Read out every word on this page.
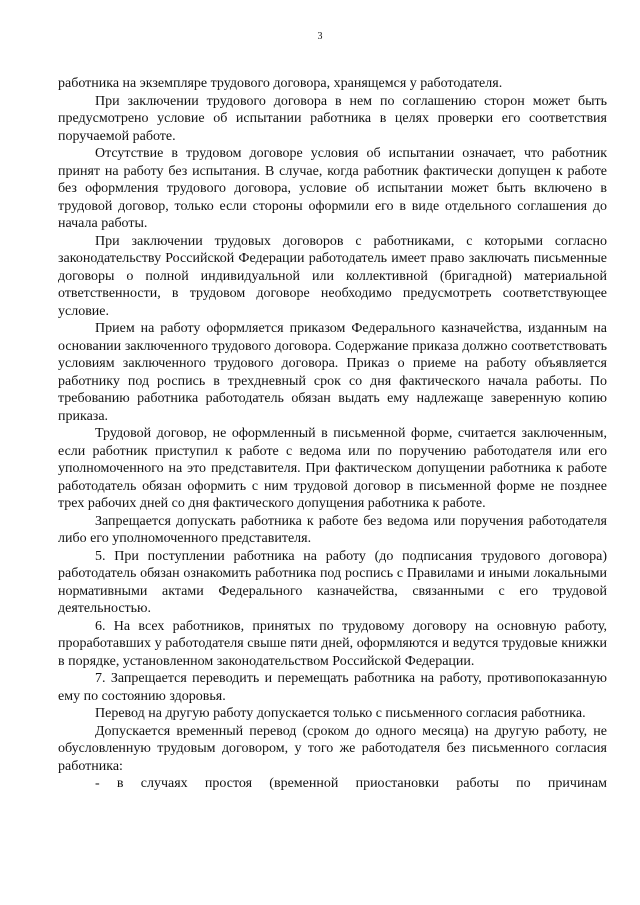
3

работника на экземпляре трудового договора, хранящемся у работодателя.

При заключении трудового договора в нем по соглашению сторон может быть предусмотрено условие об испытании работника в целях проверки его соответствия поручаемой работе.

Отсутствие в трудовом договоре условия об испытании означает, что работник принят на работу без испытания. В случае, когда работник фактически допущен к работе без оформления трудового договора, условие об испытании может быть включено в трудовой договор, только если стороны оформили его в виде отдельного соглашения до начала работы.

При заключении трудовых договоров с работниками, с которыми согласно законодательству Российской Федерации работодатель имеет право заключать письменные договоры о полной индивидуальной или коллективной (бригадной) материальной ответственности, в трудовом договоре необходимо предусмотреть соответствующее условие.

Прием на работу оформляется приказом Федерального казначейства, изданным на основании заключенного трудового договора. Содержание приказа должно соответствовать условиям заключенного трудового договора. Приказ о приеме на работу объявляется работнику под роспись в трехдневный срок со дня фактического начала работы. По требованию работника работодатель обязан выдать ему надлежаще заверенную копию приказа.

Трудовой договор, не оформленный в письменной форме, считается заключенным, если работник приступил к работе с ведома или по поручению работодателя или его уполномоченного на это представителя. При фактическом допущении работника к работе работодатель обязан оформить с ним трудовой договор в письменной форме не позднее трех рабочих дней со дня фактического допущения работника к работе.

Запрещается допускать работника к работе без ведома или поручения работодателя либо его уполномоченного представителя.

5. При поступлении работника на работу (до подписания трудового договора) работодатель обязан ознакомить работника под роспись с Правилами и иными локальными нормативными актами Федерального казначейства, связанными с его трудовой деятельностью.

6. На всех работников, принятых по трудовому договору на основную работу, проработавших у работодателя свыше пяти дней, оформляются и ведутся трудовые книжки в порядке, установленном законодательством Российской Федерации.

7. Запрещается переводить и перемещать работника на работу, противопоказанную ему по состоянию здоровья.

Перевод на другую работу допускается только с письменного согласия работника.

Допускается временный перевод (сроком до одного месяца) на другую работу, не обусловленную трудовым договором, у того же работодателя без письменного согласия работника:

- в случаях простоя (временной приостановки работы по причинам
